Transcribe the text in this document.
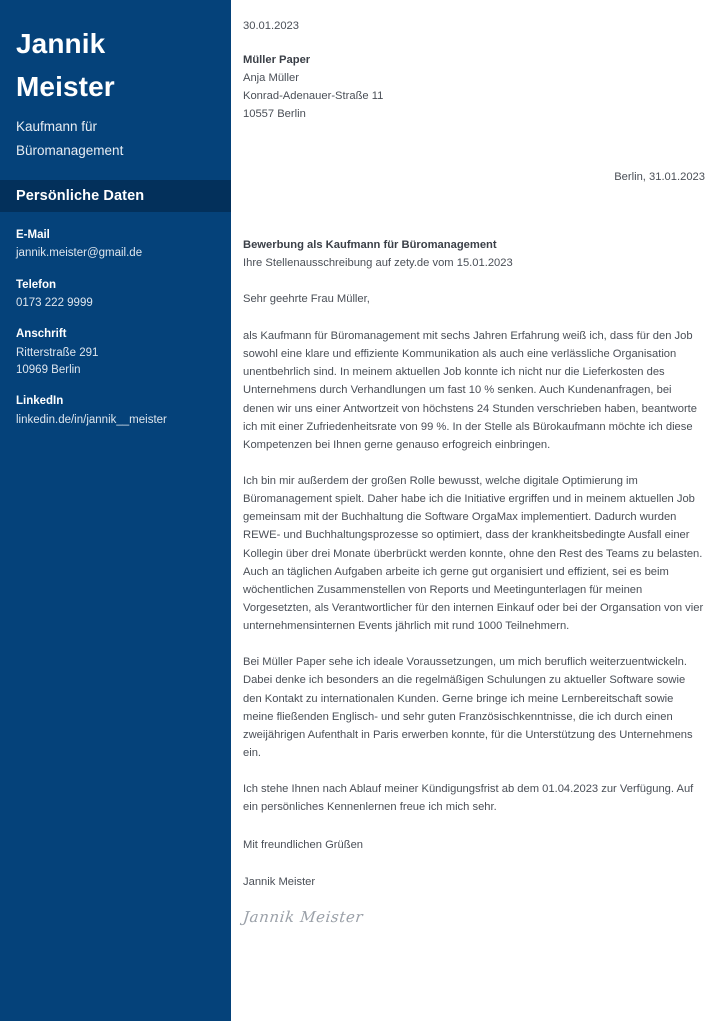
Jannik
Meister
Kaufmann für
Büromanagement
Persönliche Daten
E-Mail
jannik.meister@gmail.de
Telefon
0173 222 9999
Anschrift
Ritterstraße 291
10969 Berlin
LinkedIn
linkedin.de/in/jannik__meister
30.01.2023
Müller Paper
Anja Müller
Konrad-Adenauer-Straße 11
10557 Berlin
Berlin, 31.01.2023
Bewerbung als Kaufmann für Büromanagement
Ihre Stellenausschreibung auf zety.de vom 15.01.2023
Sehr geehrte Frau Müller,

als Kaufmann für Büromanagement mit sechs Jahren Erfahrung weiß ich, dass für den Job sowohl eine klare und effiziente Kommunikation als auch eine verlässliche Organisation unentbehrlich sind. In meinem aktuellen Job konnte ich nicht nur die Lieferkosten des Unternehmens durch Verhandlungen um fast 10 % senken. Auch Kundenanfragen, bei denen wir uns einer Antwortzeit von höchstens 24 Stunden verschrieben haben, beantworte ich mit einer Zufriedenheitsrate von 99 %. In der Stelle als Bürokaufmann möchte ich diese Kompetenzen bei Ihnen gerne genauso erfogreich einbringen.

Ich bin mir außerdem der großen Rolle bewusst, welche digitale Optimierung im Büromanagement spielt. Daher habe ich die Initiative ergriffen und in meinem aktuellen Job gemeinsam mit der Buchhaltung die Software OrgaMax implementiert. Dadurch wurden REWE- und Buchhaltungsprozesse so optimiert, dass der krankheitsbedingte Ausfall einer Kollegin über drei Monate überbrückt werden konnte, ohne den Rest des Teams zu belasten. Auch an täglichen Aufgaben arbeite ich gerne gut organisiert und effizient, sei es beim wöchentlichen Zusammenstellen von Reports und Meetingunterlagen für meinen Vorgesetzten, als Verantwortlicher für den internen Einkauf oder bei der Organsation von vier unternehmensinternen Events jährlich mit rund 1000 Teilnehmern.

Bei Müller Paper sehe ich ideale Voraussetzungen, um mich beruflich weiterzuentwickeln. Dabei denke ich besonders an die regelmäßigen Schulungen zu aktueller Software sowie den Kontakt zu internationalen Kunden. Gerne bringe ich meine Lernbereitschaft sowie meine fließenden Englisch- und sehr guten Französischkenntnisse, die ich durch einen zweijährigen Aufenthalt in Paris erwerben konnte, für die Unterstützung des Unternehmens ein.

Ich stehe Ihnen nach Ablauf meiner Kündigungsfrist ab dem 01.04.2023 zur Verfügung. Auf ein persönliches Kennenlernen freue ich mich sehr.

Mit freundlichen Grüßen
Jannik Meister
Jannik Meister
